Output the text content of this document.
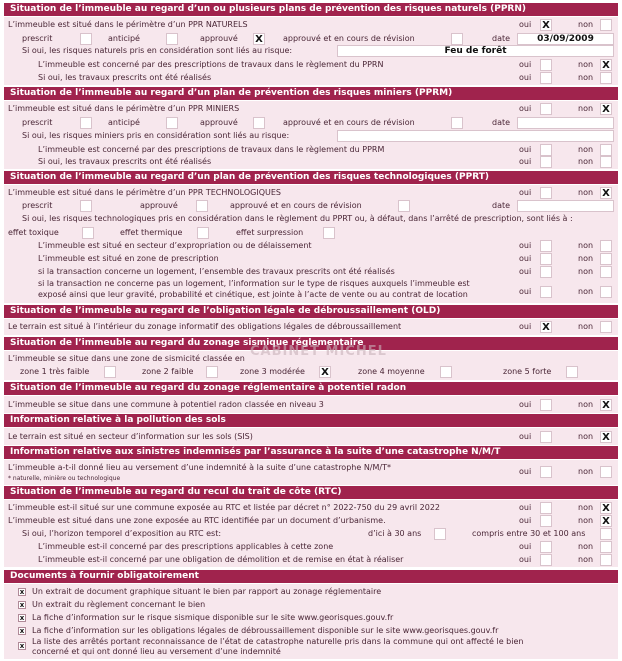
Situation de l’immeuble au regard d’un ou plusieurs plans de prévention des risques naturels (PPRN)
L’immeuble est situé dans le périmètre d’un PPR NATURELS	oui X	non
prescrit	anticipé	approuvé X	approuvé et en cours de révision	date	03/09/2009
Si oui, les risques naturels pris en considération sont liés au risque:	Feu de forêt
L’immeuble est concerné par des prescriptions de travaux dans le règlement du PPRN	oui	non X
Si oui, les travaux prescrits ont été réalisés	oui	non
Situation de l’immeuble au regard d’un plan de prévention des risques miniers (PPRM)
L’immeuble est situé dans le périmètre d’un PPR MINIERS	oui	non X
prescrit	anticipé	approuvé	approuvé et en cours de révision	date
Si oui, les risques miniers pris en considération sont liés au risque:
L’immeuble est concerné par des prescriptions de travaux dans le règlement du PPRM	oui	non
Si oui, les travaux prescrits ont été réalisés	oui	non
Situation de l’immeuble au regard d’un plan de prévention des risques technologiques (PPRT)
L’immeuble est situé dans le périmètre d’un PPR TECHNOLOGIQUES	oui	non X
prescrit	approuvé	approuvé et en cours de révision	date
Si oui, les risques technologiques pris en considération dans le règlement du PPRT ou, à défaut, dans l’arrêté de prescription, sont liés à :
effet toxique	effet thermique	effet surpression
L’immeuble est situé en secteur d’expropriation ou de délaissement	oui	non
L’immeuble est situé en zone de prescription	oui	non
si la transaction concerne un logement, l’ensemble des travaux prescrits ont été réalisés	oui	non
si la transaction ne concerne pas un logement, l’information sur le type de risques auxquels l’immeuble est
exposé ainsi que leur gravité, probabilité et cinétique, est jointe à l’acte de vente ou au contrat de location	oui	non
Situation de l’immeuble au regard de l’obligation légale de débroussaillement (OLD)
Le terrain est situé à l’intérieur du zonage informatif des obligations légales de débroussaillement	oui X	non
Situation de l’immeuble au regard du zonage sismique réglementaire
L’immeuble se situe dans une zone de sismicité classée en
zone 1 très faible	zone 2 faible	zone 3 modérée X	zone 4 moyenne	zone 5 forte
Situation de l’immeuble au regard du zonage réglementaire à potentiel radon
L’immeuble se situe dans une commune à potentiel radon classée en niveau 3	oui	non X
Information relative à la pollution des sols
Le terrain est situé en secteur d’information sur les sols (SIS)	oui	non X
Information relative aux sinistres indemnisés par l’assurance à la suite d’une catastrophe N/M/T
L’immeuble a-t-il donné lieu au versement d’une indemnité à la suite d’une catastrophe N/M/T*
* naturelle, minière ou technologique
oui	non
Situation de l’immeuble au regard du recul du trait de côte (RTC)
L’immeuble est-il situé sur une commune exposée au RTC et listée par décret n° 2022-750 du 29 avril 2022	oui	non X
L’immeuble est situé dans une zone exposée au RTC identifiée par un document d’urbanisme.	oui	non X
Si oui, l’horizon temporel d’exposition au RTC est:	d’ici à 30 ans	compris entre 30 et 100 ans
L’immeuble est-il concerné par des prescriptions applicables à cette zone	oui	non
L’immeuble est-il concerné par une obligation de démolition et de remise en état à réaliser	oui	non
Documents à fournir obligatoirement
x Un extrait de document graphique situant le bien par rapport au zonage réglementaire
x Un extrait du règlement concernant le bien
x La fiche d’information sur le risque sismique disponible sur le site www.georisques.gouv.fr
x La fiche d’information sur les obligations légales de débroussaillement disponible sur le site www.georisques.gouv.fr
x La liste des arrêtés portant reconnaissance de l’état de catastrophe naturelle pris dans la commune qui ont affecté le bien
concerné et qui ont donné lieu au versement d’une indemnité
CABINET MICHEL
